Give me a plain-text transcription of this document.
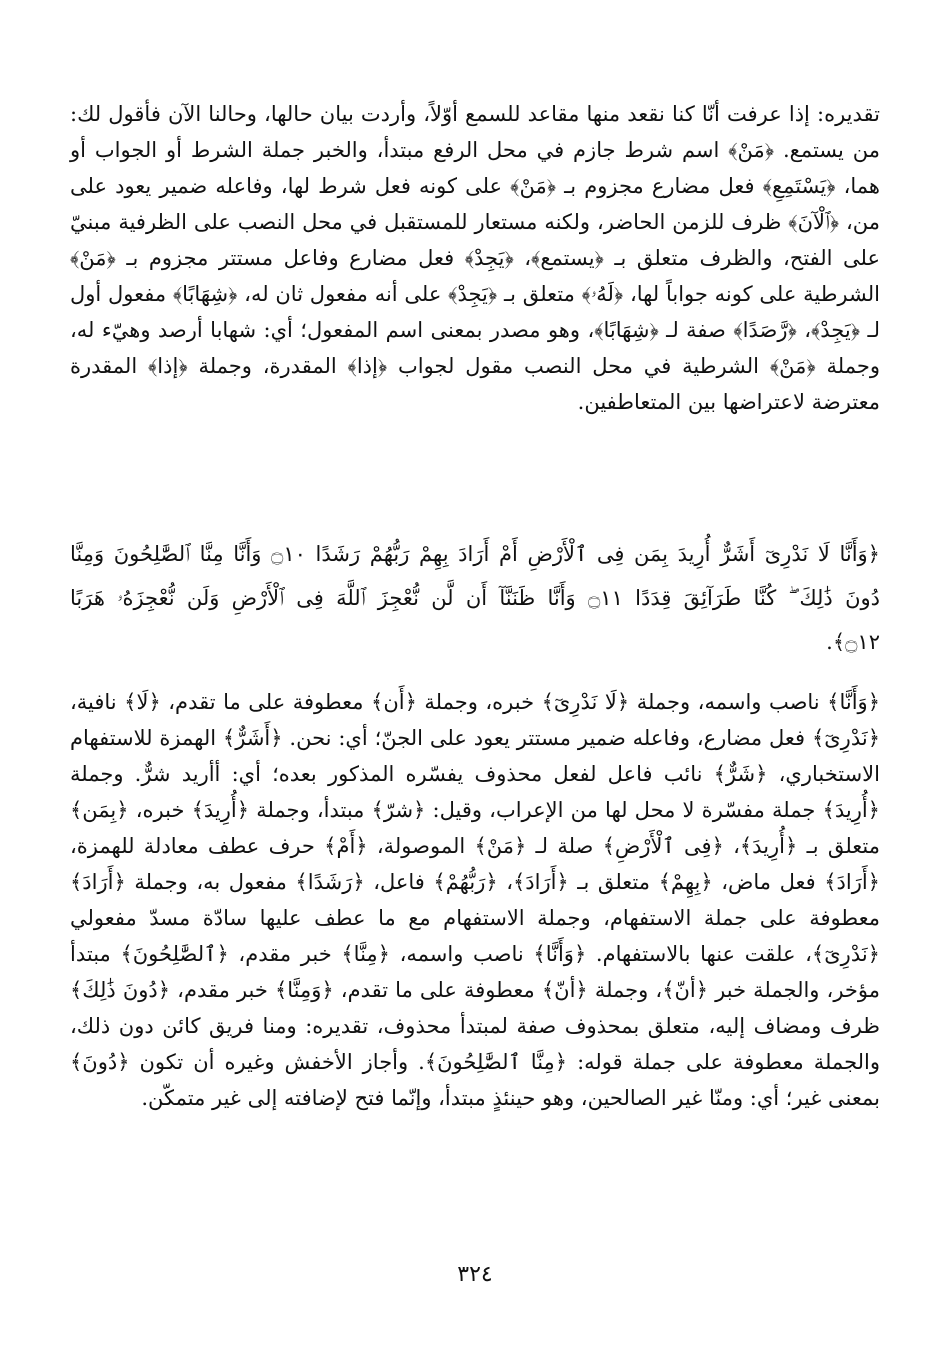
تقديره: إذا عرفت أنّا كنا نقعد منها مقاعد للسمع أوّلاً، وأردت بيان حالها، وحالنا الآن فأقول لك: من يستمع. ﴿مَنْ﴾ اسم شرط جازم في محل الرفع مبتدأ، والخبر جملة الشرط أو الجواب أو هما، ﴿يَسْتَمِعِ﴾ فعل مضارع مجزوم بـ ﴿مَنْ﴾ على كونه فعل شرط لها، وفاعله ضمير يعود على من، ﴿ٱلْآنَ﴾ ظرف للزمن الحاضر، ولكنه مستعار للمستقبل في محل النصب على الظرفية مبنيّ على الفتح، والظرف متعلق بـ ﴿يستمع﴾، ﴿يَجِدْ﴾ فعل مضارع وفاعل مستتر مجزوم بـ ﴿مَنْ﴾ الشرطية على كونه جواباً لها، ﴿لَهُۥ﴾ متعلق بـ ﴿يَجِدْ﴾ على أنه مفعول ثان له، ﴿شِهَابًا﴾ مفعول أول لـ ﴿يَجِدْ﴾، ﴿رَّصَدًا﴾ صفة لـ ﴿شِهَابًا﴾، وهو مصدر بمعنى اسم المفعول؛ أي: شهابا أرصد وهيّء له، وجملة ﴿مَنْ﴾ الشرطية في محل النصب مقول لجواب ﴿إذا﴾ المقدرة، وجملة ﴿إذا﴾ المقدرة معترضة لاعتراضها بين المتعاطفين.

﴿وَأَنَّا لَا نَدْرِىٓ أَشَرٌّ أُرِيدَ بِمَن فِى ٱلْأَرْضِ أَمْ أَرَادَ بِهِمْ رَبُّهُمْ رَشَدًا ۝١٠ وَأَنَّا مِنَّا ٱلصَّٰلِحُونَ وَمِنَّا دُونَ ذَٰلِكَ ۖ كُنَّا طَرَآئِقَ قِدَدًا ۝١١ وَأَنَّا ظَنَنَّآ أَن لَّن نُّعْجِزَ ٱللَّهَ فِى ٱلْأَرْضِ وَلَن نُّعْجِزَهُۥ هَرَبًا ۝١٢﴾.

﴿وَأَنَّا﴾ ناصب واسمه، وجملة ﴿لَا نَدْرِىٓ﴾ خبره، وجملة ﴿أَن﴾ معطوفة على ما تقدم، ﴿لَا﴾ نافية، ﴿نَدْرِىٓ﴾ فعل مضارع، وفاعله ضمير مستتر يعود على الجنّ؛ أي: نحن. ﴿أَشَرٌّ﴾ الهمزة للاستفهام الاستخباري، ﴿شَرٌّ﴾ نائب فاعل لفعل محذوف يفسّره المذكور بعده؛ أي: أأريد شرٌّ. وجملة ﴿أُرِيدَ﴾ جملة مفسّرة لا محل لها من الإعراب، وقيل: ﴿شرّ﴾ مبتدأ، وجملة ﴿أُرِيدَ﴾ خبره، ﴿بِمَن﴾ متعلق بـ ﴿أُرِيدَ﴾، ﴿فِى ٱلْأَرْضِ﴾ صلة لـ ﴿مَنْ﴾ الموصولة، ﴿أَمْ﴾ حرف عطف معادلة للهمزة، ﴿أَرَادَ﴾ فعل ماض، ﴿بِهِمْ﴾ متعلق بـ ﴿أَرَادَ﴾، ﴿رَبُّهُمْ﴾ فاعل، ﴿رَشَدًا﴾ مفعول به، وجملة ﴿أَرَادَ﴾ معطوفة على جملة الاستفهام، وجملة الاستفهام مع ما عطف عليها سادّة مسدّ مفعولي ﴿نَدْرِىٓ﴾، علقت عنها بالاستفهام. ﴿وَأَنَّا﴾ ناصب واسمه، ﴿مِنَّا﴾ خبر مقدم، ﴿ٱلصَّٰلِحُونَ﴾ مبتدأ مؤخر، والجملة خبر ﴿أنّ﴾، وجملة ﴿أنّ﴾ معطوفة على ما تقدم، ﴿وَمِنَّا﴾ خبر مقدم، ﴿دُونَ ذَٰلِكَ﴾ ظرف ومضاف إليه، متعلق بمحذوف صفة لمبتدأ محذوف، تقديره: ومنا فريق كائن دون ذلك، والجملة معطوفة على جملة قوله: ﴿مِنَّا ٱلصَّٰلِحُونَ﴾. وأجاز الأخفش وغيره أن تكون ﴿دُونَ﴾ بمعنى غير؛ أي: ومنّا غير الصالحين، وهو حينئذٍ مبتدأ، وإنّما فتح لإضافته إلى غير متمكّن.

٣٢٤
